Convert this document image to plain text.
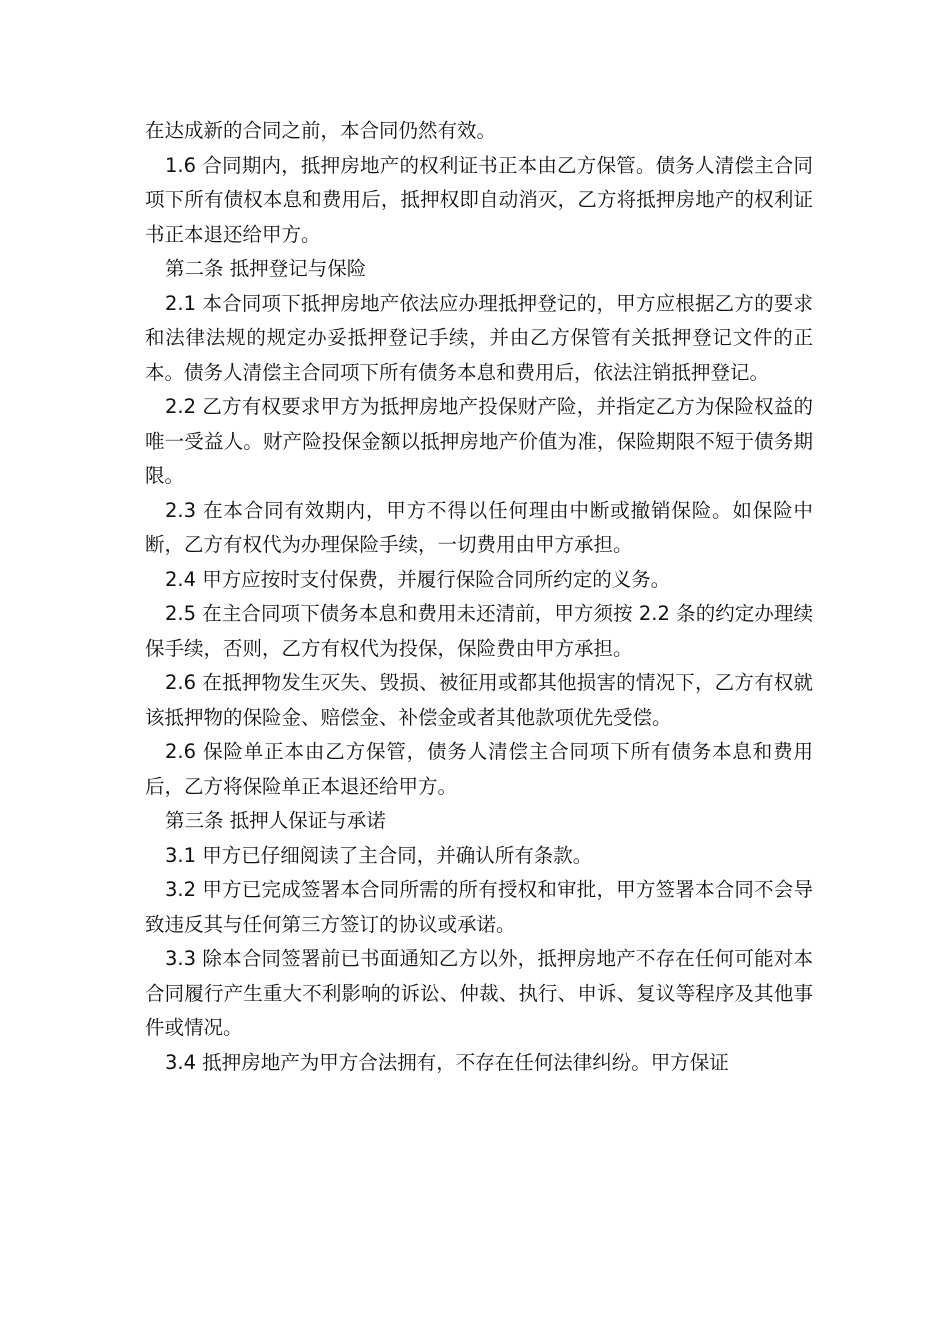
在达成新的合同之前，本合同仍然有效。

1.6 合同期内，抵押房地产的权利证书正本由乙方保管。债务人清偿主合同项下所有债权本息和费用后，抵押权即自动消灭，乙方将抵押房地产的权利证书正本退还给甲方。

第二条 抵押登记与保险

2.1 本合同项下抵押房地产依法应办理抵押登记的，甲方应根据乙方的要求和法律法规的规定办妥抵押登记手续，并由乙方保管有关抵押登记文件的正本。债务人清偿主合同项下所有债务本息和费用后，依法注销抵押登记。

2.2 乙方有权要求甲方为抵押房地产投保财产险，并指定乙方为保险权益的唯一受益人。财产险投保金额以抵押房地产价值为准，保险期限不短于债务期限。

2.3 在本合同有效期内，甲方不得以任何理由中断或撤销保险。如保险中断，乙方有权代为办理保险手续，一切费用由甲方承担。

2.4 甲方应按时支付保费，并履行保险合同所约定的义务。

2.5 在主合同项下债务本息和费用未还清前，甲方须按 2.2 条的约定办理续保手续，否则，乙方有权代为投保，保险费由甲方承担。

2.6 在抵押物发生灭失、毁损、被征用或都其他损害的情况下，乙方有权就该抵押物的保险金、赔偿金、补偿金或者其他款项优先受偿。

2.6 保险单正本由乙方保管，债务人清偿主合同项下所有债务本息和费用后，乙方将保险单正本退还给甲方。

第三条 抵押人保证与承诺

3.1 甲方已仔细阅读了主合同，并确认所有条款。

3.2 甲方已完成签署本合同所需的所有授权和审批，甲方签署本合同不会导致违反其与任何第三方签订的协议或承诺。

3.3 除本合同签署前已书面通知乙方以外，抵押房地产不存在任何可能对本合同履行产生重大不利影响的诉讼、仲裁、执行、申诉、复议等程序及其他事件或情况。

3.4 抵押房地产为甲方合法拥有，不存在任何法律纠纷。甲方保证
